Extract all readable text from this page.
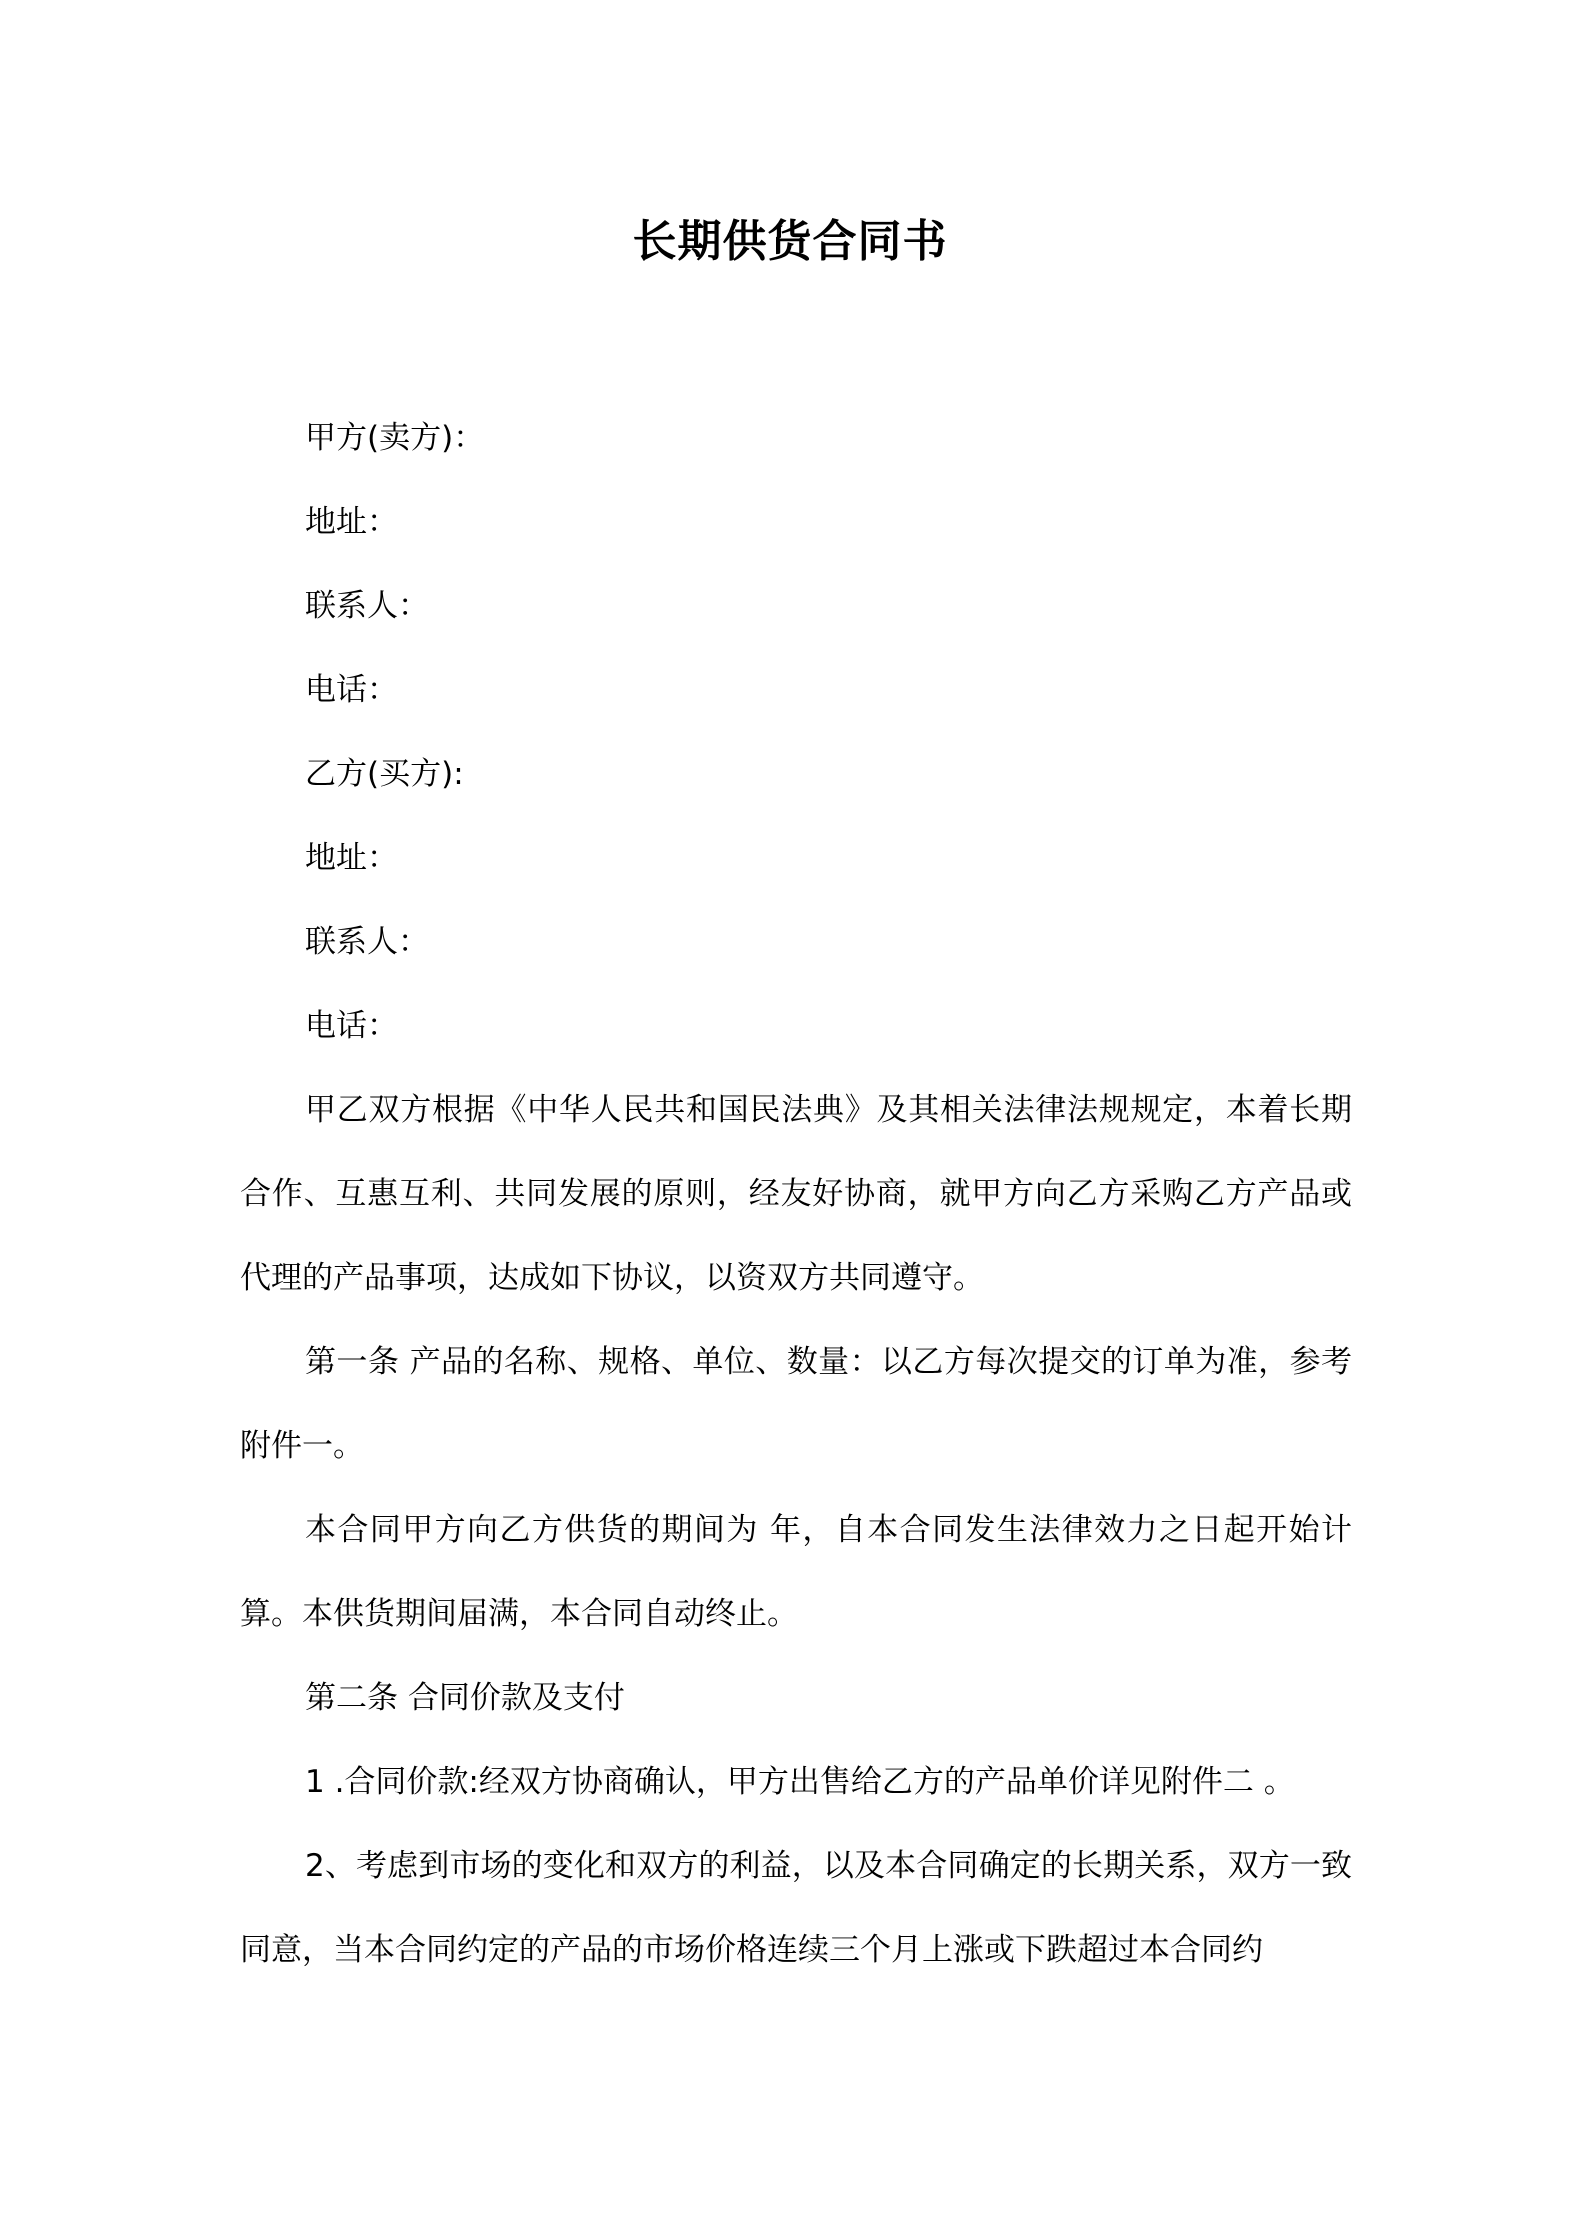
长期供货合同书
甲方(卖方)：
地址：
联系人：
电话：
乙方(买方):
地址：
联系人：
电话：
甲乙双方根据《中华人民共和国民法典》及其相关法律法规规定，本着长期合作、互惠互利、共同发展的原则，经友好协商，就甲方向乙方采购乙方产品或代理的产品事项，达成如下协议，以资双方共同遵守。
第一条 产品的名称、规格、单位、数量：以乙方每次提交的订单为准，参考附件一。
本合同甲方向乙方供货的期间为 年，自本合同发生法律效力之日起开始计算。本供货期间届满，本合同自动终止。
第二条 合同价款及支付
1 .合同价款:经双方协商确认，甲方出售给乙方的产品单价详见附件二 。
2、考虑到市场的变化和双方的利益，以及本合同确定的长期关系，双方一致同意，当本合同约定的产品的市场价格连续三个月上涨或下跌超过本合同约
